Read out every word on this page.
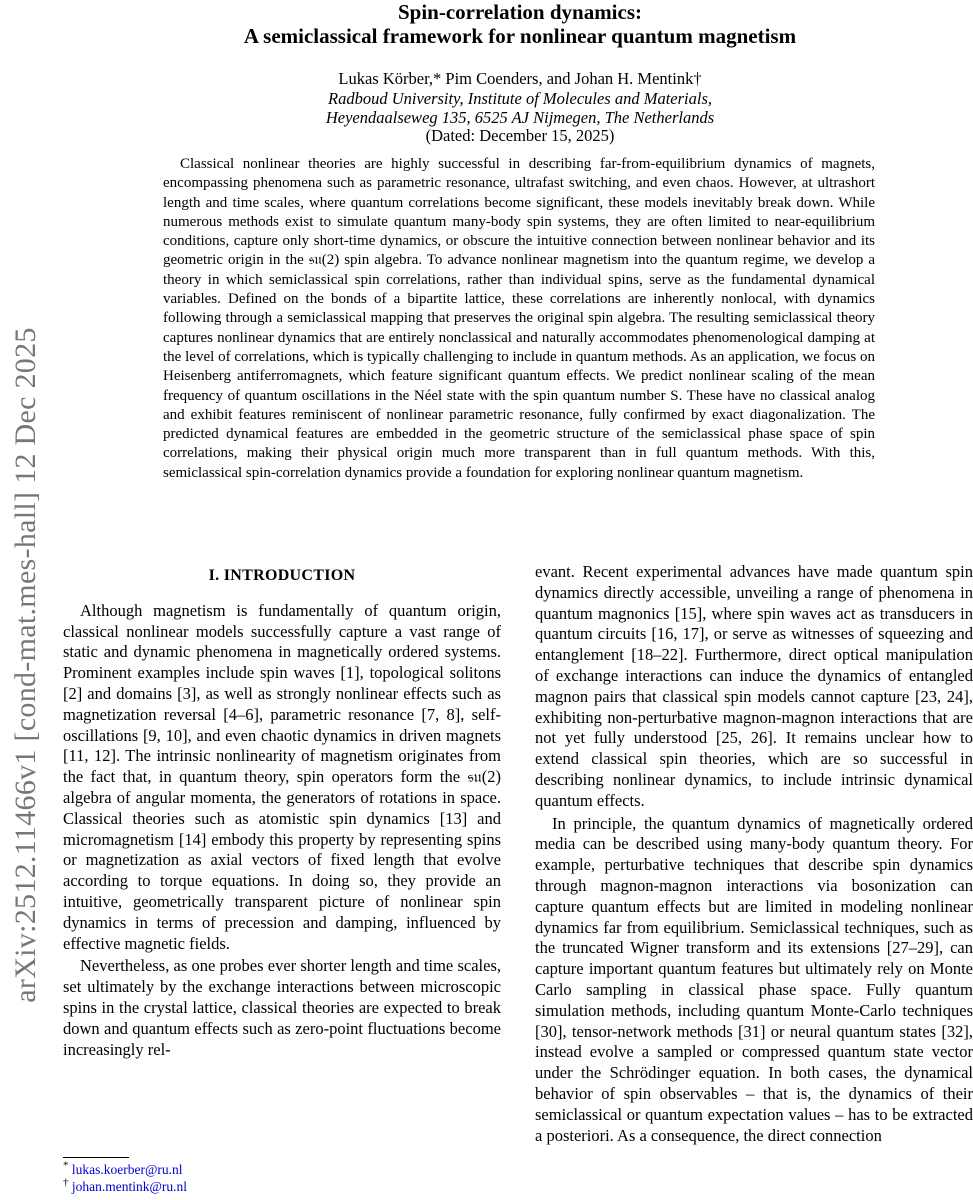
arXiv:2512.11466v1 [cond-mat.mes-hall] 12 Dec 2025
Spin-correlation dynamics:
A semiclassical framework for nonlinear quantum magnetism
Lukas Körber,* Pim Coenders, and Johan H. Mentink†
Radboud University, Institute of Molecules and Materials,
Heyendaalseweg 135, 6525 AJ Nijmegen, The Netherlands
(Dated: December 15, 2025)
Classical nonlinear theories are highly successful in describing far-from-equilibrium dynamics of magnets, encompassing phenomena such as parametric resonance, ultrafast switching, and even chaos. However, at ultrashort length and time scales, where quantum correlations become significant, these models inevitably break down. While numerous methods exist to simulate quantum many-body spin systems, they are often limited to near-equilibrium conditions, capture only short-time dynamics, or obscure the intuitive connection between nonlinear behavior and its geometric origin in the 𝔰𝔲(2) spin algebra. To advance nonlinear magnetism into the quantum regime, we develop a theory in which semiclassical spin correlations, rather than individual spins, serve as the fundamental dynamical variables. Defined on the bonds of a bipartite lattice, these correlations are inherently nonlocal, with dynamics following through a semiclassical mapping that preserves the original spin algebra. The resulting semiclassical theory captures nonlinear dynamics that are entirely nonclassical and naturally accommodates phenomenological damping at the level of correlations, which is typically challenging to include in quantum methods. As an application, we focus on Heisenberg antiferromagnets, which feature significant quantum effects. We predict nonlinear scaling of the mean frequency of quantum oscillations in the Néel state with the spin quantum number S. These have no classical analog and exhibit features reminiscent of nonlinear parametric resonance, fully confirmed by exact diagonalization. The predicted dynamical features are embedded in the geometric structure of the semiclassical phase space of spin correlations, making their physical origin much more transparent than in full quantum methods. With this, semiclassical spin-correlation dynamics provide a foundation for exploring nonlinear quantum magnetism.
I. INTRODUCTION

Although magnetism is fundamentally of quantum origin, classical nonlinear models successfully capture a vast range of static and dynamic phenomena in magnetically ordered systems. Prominent examples include spin waves [1], topological solitons [2] and domains [3], as well as strongly nonlinear effects such as magnetization reversal [4–6], parametric resonance [7, 8], self-oscillations [9, 10], and even chaotic dynamics in driven magnets [11, 12]. The intrinsic nonlinearity of magnetism originates from the fact that, in quantum theory, spin operators form the 𝔰𝔲(2) algebra of angular momenta, the generators of rotations in space. Classical theories such as atomistic spin dynamics [13] and micromagnetism [14] embody this property by representing spins or magnetization as axial vectors of fixed length that evolve according to torque equations. In doing so, they provide an intuitive, geometrically transparent picture of nonlinear spin dynamics in terms of precession and damping, influenced by effective magnetic fields.

Nevertheless, as one probes ever shorter length and time scales, set ultimately by the exchange interactions between microscopic spins in the crystal lattice, classical theories are expected to break down and quantum effects such as zero-point fluctuations become increasingly rel-

evant. Recent experimental advances have made quantum spin dynamics directly accessible, unveiling a range of phenomena in quantum magnonics [15], where spin waves act as transducers in quantum circuits [16, 17], or serve as witnesses of squeezing and entanglement [18–22]. Furthermore, direct optical manipulation of exchange interactions can induce the dynamics of entangled magnon pairs that classical spin models cannot capture [23, 24], exhibiting non-perturbative magnon-magnon interactions that are not yet fully understood [25, 26]. It remains unclear how to extend classical spin theories, which are so successful in describing nonlinear dynamics, to include intrinsic dynamical quantum effects.

In principle, the quantum dynamics of magnetically ordered media can be described using many-body quantum theory. For example, perturbative techniques that describe spin dynamics through magnon-magnon interactions via bosonization can capture quantum effects but are limited in modeling nonlinear dynamics far from equilibrium. Semiclassical techniques, such as the truncated Wigner transform and its extensions [27–29], can capture important quantum features but ultimately rely on Monte Carlo sampling in classical phase space. Fully quantum simulation methods, including quantum Monte-Carlo techniques [30], tensor-network methods [31] or neural quantum states [32], instead evolve a sampled or compressed quantum state vector under the Schrödinger equation. In both cases, the dynamical behavior of spin observables – that is, the dynamics of their semiclassical or quantum expectation values – has to be extracted a posteriori. As a consequence, the direct connection

* lukas.koerber@ru.nl
† johan.mentink@ru.nl
